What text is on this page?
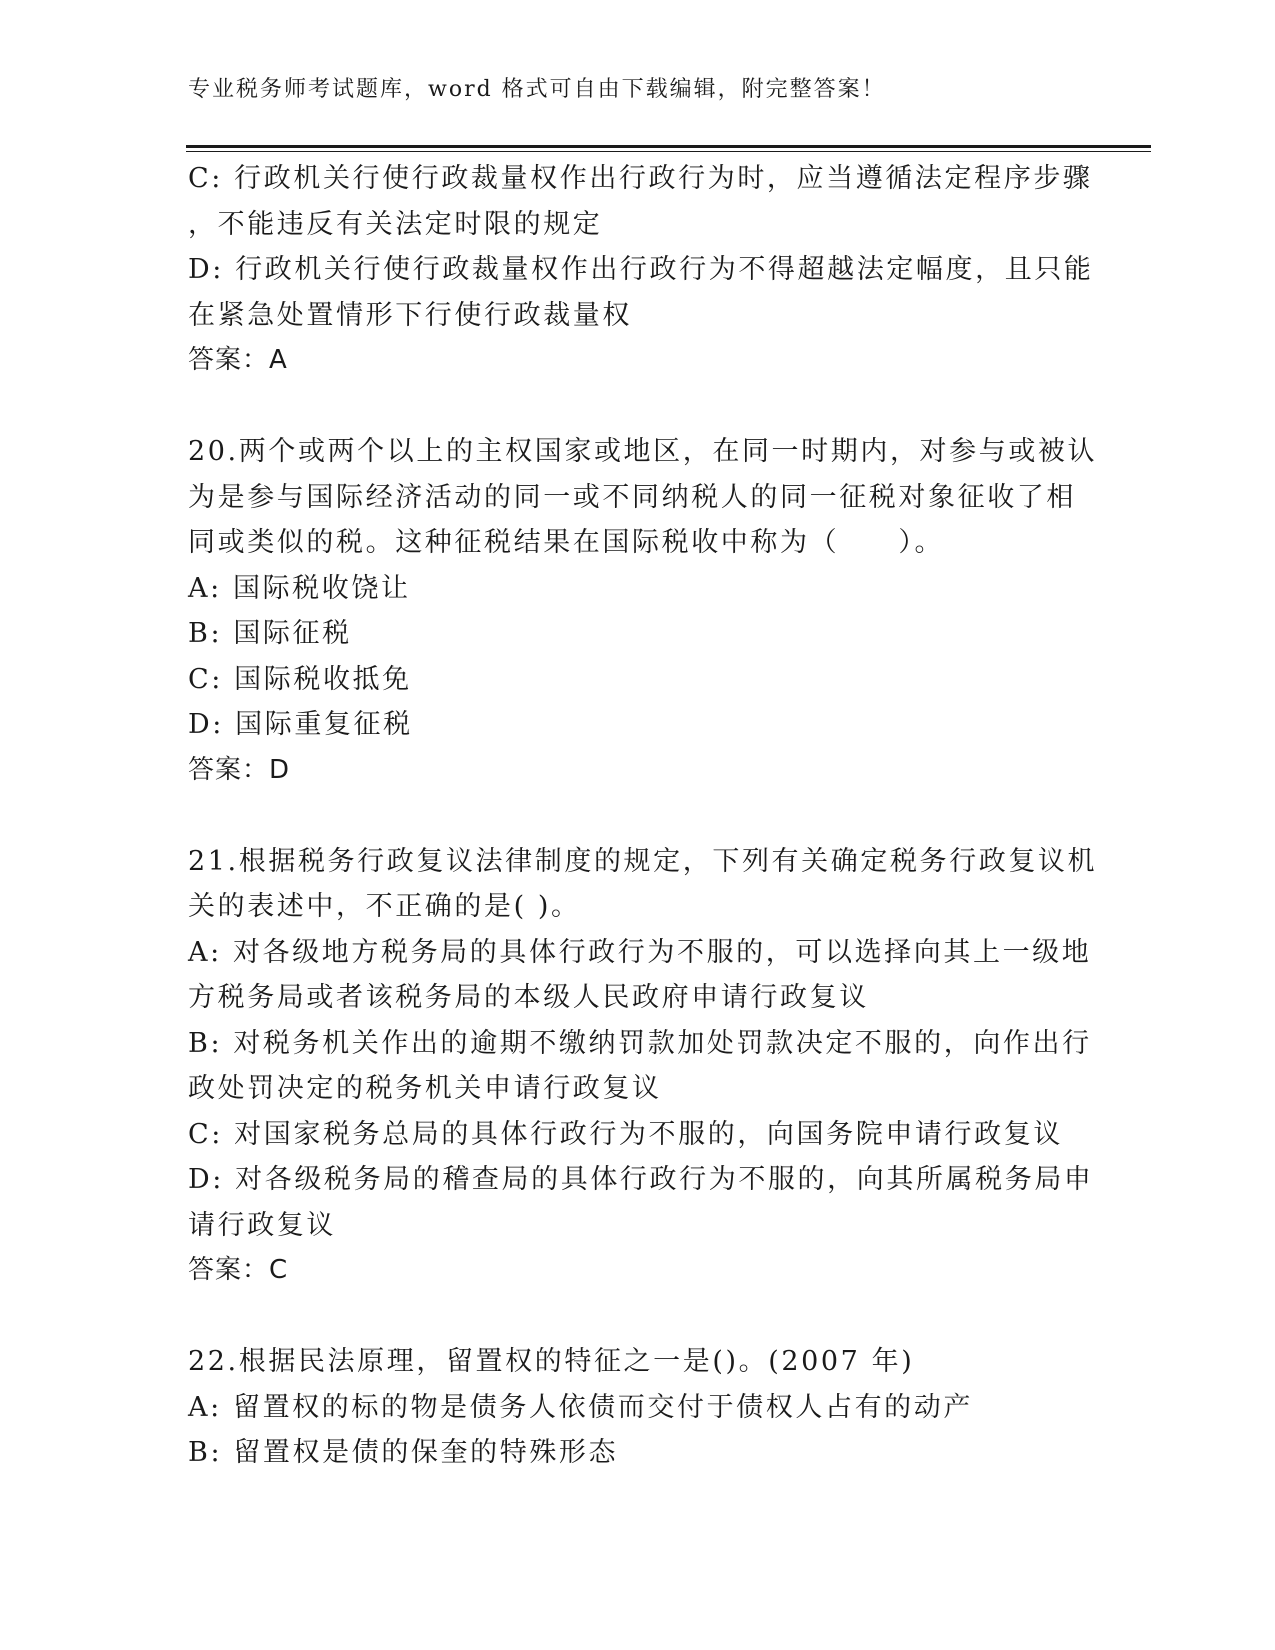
专业税务师考试题库，word 格式可自由下载编辑，附完整答案！
C: 行政机关行使行政裁量权作出行政行为时，应当遵循法定程序步骤
，不能违反有关法定时限的规定
D: 行政机关行使行政裁量权作出行政行为不得超越法定幅度，且只能
在紧急处置情形下行使行政裁量权
答案：A
20.两个或两个以上的主权国家或地区，在同一时期内，对参与或被认
为是参与国际经济活动的同一或不同纳税人的同一征税对象征收了相
同或类似的税。这种征税结果在国际税收中称为（　　）。
A: 国际税收饶让
B: 国际征税
C: 国际税收抵免
D: 国际重复征税
答案：D
21.根据税务行政复议法律制度的规定，下列有关确定税务行政复议机
关的表述中，不正确的是( )。
A: 对各级地方税务局的具体行政行为不服的，可以选择向其上一级地
方税务局或者该税务局的本级人民政府申请行政复议
B: 对税务机关作出的逾期不缴纳罚款加处罚款决定不服的，向作出行
政处罚决定的税务机关申请行政复议
C: 对国家税务总局的具体行政行为不服的，向国务院申请行政复议
D: 对各级税务局的稽查局的具体行政行为不服的，向其所属税务局申
请行政复议
答案：C
22.根据民法原理，留置权的特征之一是()。(2007 年)
A: 留置权的标的物是债务人依债而交付于债权人占有的动产
B: 留置权是债的保奎的特殊形态
